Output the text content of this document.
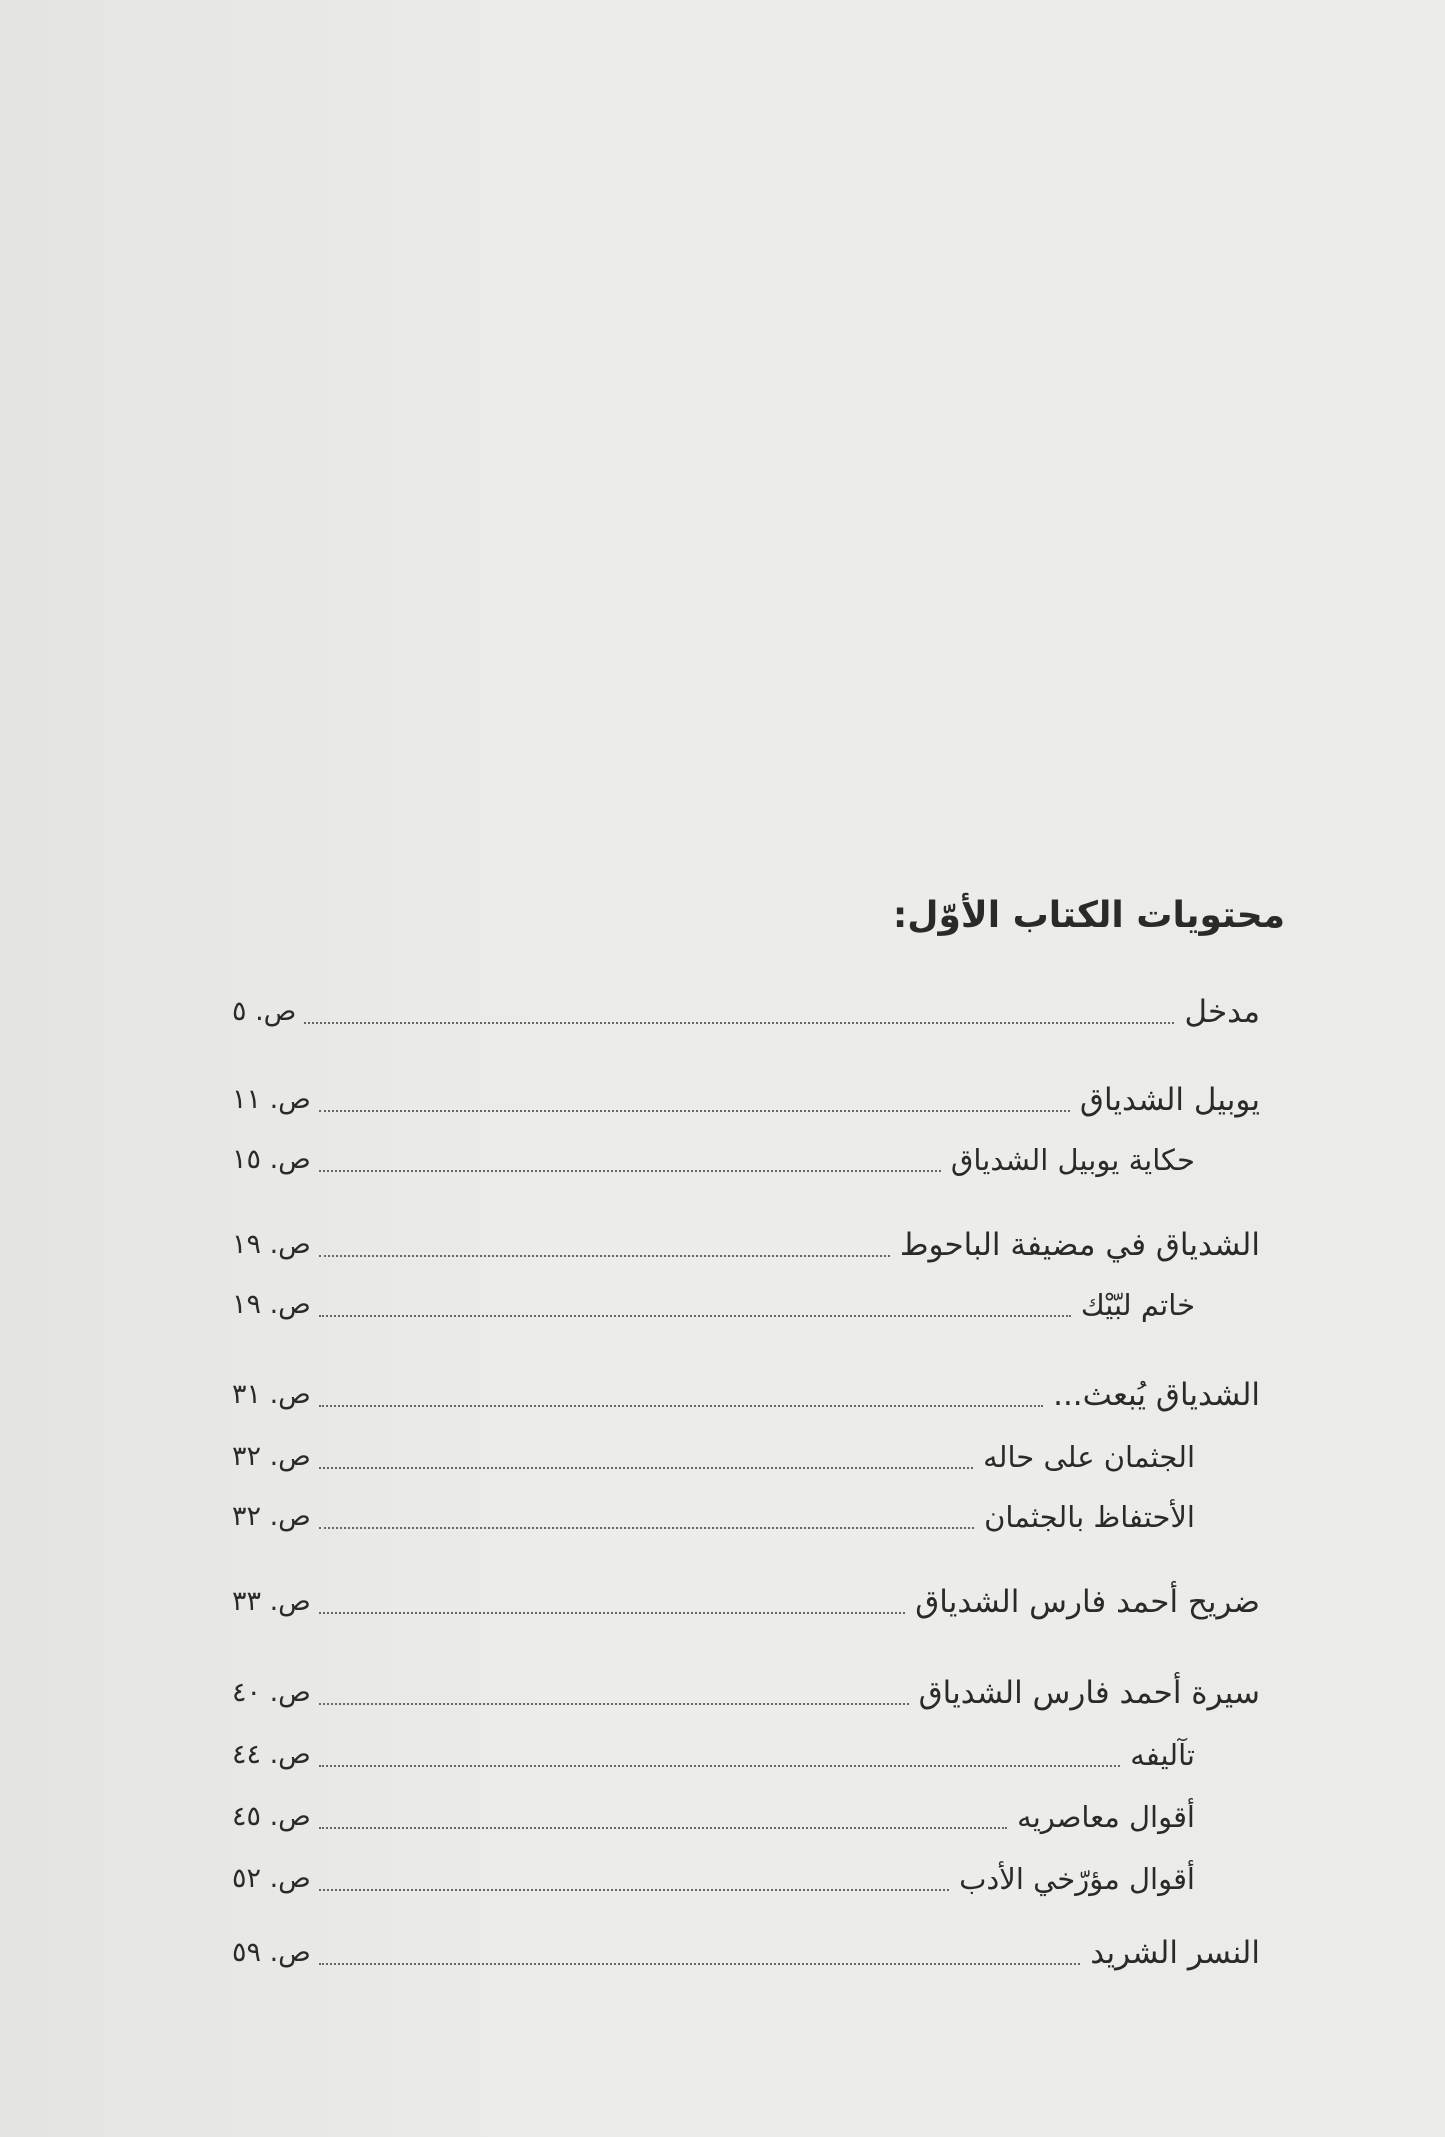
محتويات الكتاب الأوّل:
مدخل
ص. ٥
يوبيل الشدياق
ص. ١١
حكاية يوبيل الشدياق
ص. ١٥
الشدياق في مضيفة الباحوط
ص. ١٩
خاتم لبّيْك
ص. ١٩
الشدياق يُبعث...
ص. ٣١
الجثمان على حاله
ص. ٣٢
الأحتفاظ بالجثمان
ص. ٣٢
ضريح أحمد فارس الشدياق
ص. ٣٣
سيرة أحمد فارس الشدياق
ص. ٤٠
تآليفه
ص. ٤٤
أقوال معاصريه
ص. ٤٥
أقوال مؤرّخي الأدب
ص. ٥٢
النسر الشريد
ص. ٥٩
